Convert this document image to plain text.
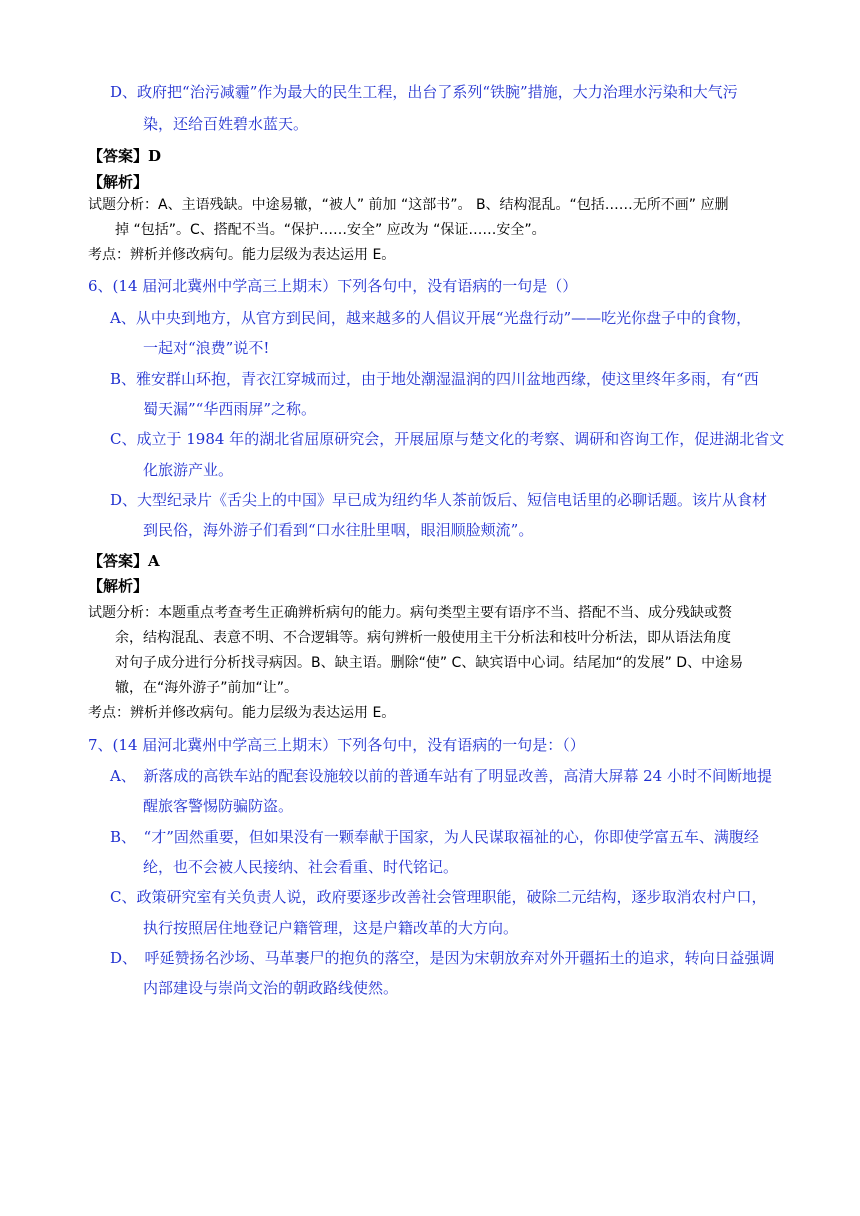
D、政府把“治污减霾”作为最大的民生工程，出台了系列“铁腕”措施，大力治理水污染和大气污
染，还给百姓碧水蓝天。
【答案】D
【解析】
试题分析：A、主语残缺。中途易辙，“被人” 前加 “这部书”。 B、结构混乱。“包括……无所不画” 应删
掉 “包括”。C、搭配不当。“保护……安全” 应改为 “保证……安全”。
考点：辨析并修改病句。能力层级为表达运用 E。
6、(14 届河北冀州中学高三上期末）下列各句中，没有语病的一句是（）
A、从中央到地方，从官方到民间，越来越多的人倡议开展“光盘行动”——吃光你盘子中的食物，
一起对“浪费”说不!
B、雅安群山环抱，青衣江穿城而过，由于地处潮湿温润的四川盆地西缘，使这里终年多雨，有“西
蜀天漏”“华西雨屏”之称。
C、成立于 1984 年的湖北省屈原研究会，开展屈原与楚文化的考察、调研和咨询工作，促进湖北省文
化旅游产业。
D、大型纪录片《舌尖上的中国》早已成为纽约华人茶前饭后、短信电话里的必聊话题。该片从食材
到民俗，海外游子们看到“口水往肚里咽，眼泪顺脸颊流”。
【答案】A
【解析】
试题分析：本题重点考查考生正确辨析病句的能力。病句类型主要有语序不当、搭配不当、成分残缺或赘
余，结构混乱、表意不明、不合逻辑等。病句辨析一般使用主干分析法和枝叶分析法，即从语法角度
对句子成分进行分析找寻病因。B、缺主语。删除“使” C、缺宾语中心词。结尾加“的发展” D、中途易
辙，在“海外游子”前加“让”。
考点：辨析并修改病句。能力层级为表达运用 E。
7、(14 届河北冀州中学高三上期末）下列各句中，没有语病的一句是：（）
A、　新落成的高铁车站的配套设施较以前的普通车站有了明显改善，高清大屏幕 24 小时不间断地提
醒旅客警惕防骗防盗。
B、　“才”固然重要，但如果没有一颗奉献于国家，为人民谋取福祉的心，你即使学富五车、满腹经
纶，也不会被人民接纳、社会看重、时代铭记。
C、政策研究室有关负责人说，政府要逐步改善社会管理职能，破除二元结构，逐步取消农村户口，
执行按照居住地登记户籍管理，这是户籍改革的大方向。
D、　呼延赞扬名沙场、马革裹尸的抱负的落空，是因为宋朝放弃对外开疆拓土的追求，转向日益强调
内部建设与崇尚文治的朝政路线使然。
